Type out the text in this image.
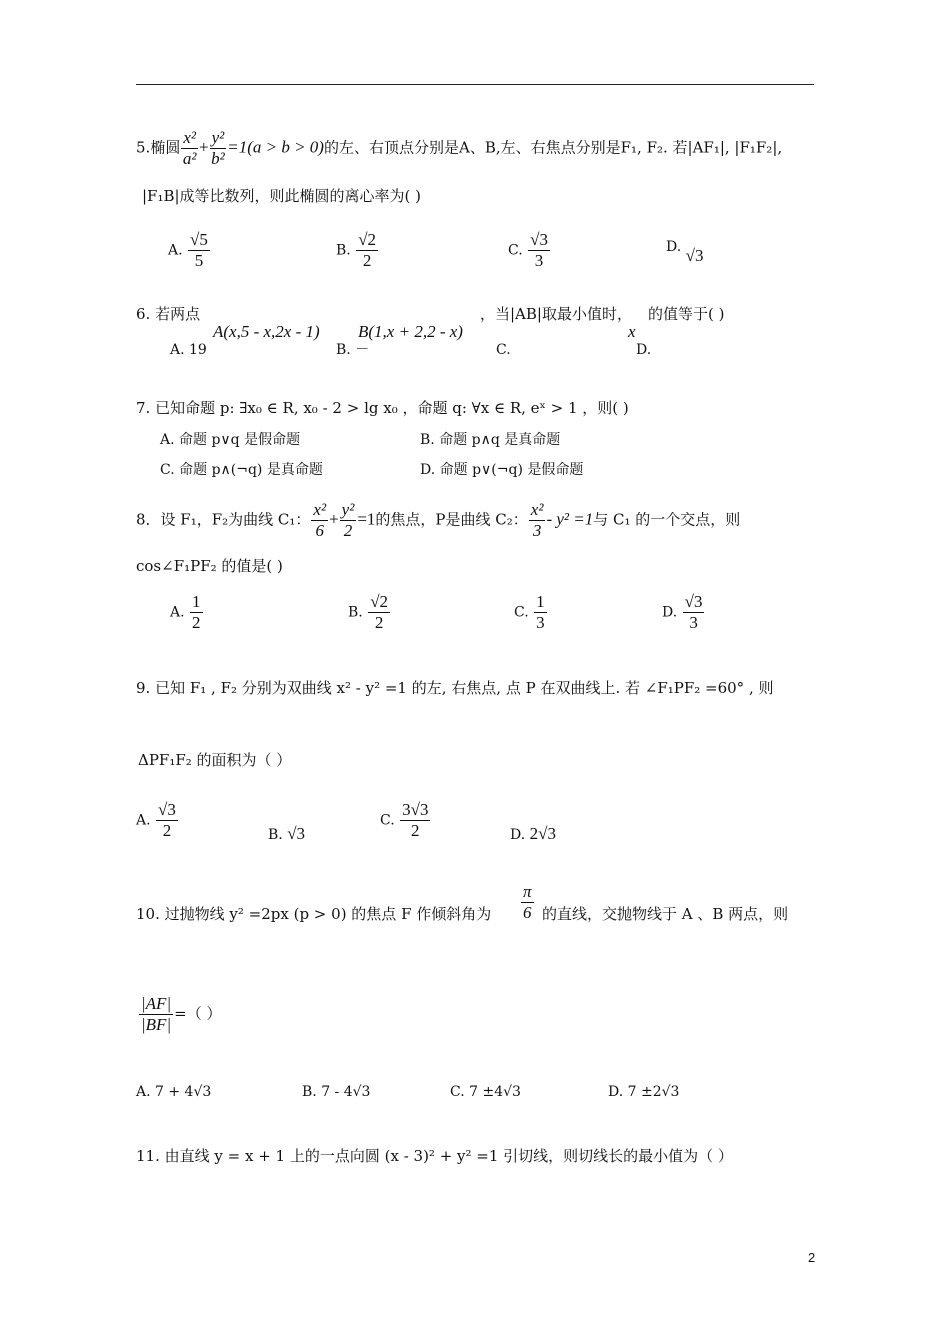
5.椭圆 $\frac{\text{x²}}{\text{a²}} + \frac{\text{y²}}{\text{b²}} =1(a > b > 0)$的左、右顶点分别是A、B,左、右焦点分别是F₁, F₂. 若|AF₁|, |F₁F₂|,
|F₁B|成等比数列，则此椭圆的离心率为( )
A. $\frac{√5}{5}$	B. $\frac{√2}{2}$	C. $\frac{√3}{3}$	D. √3
6. 若两点
A(x,5 - x,2x - 1) B(1,x + 2,2 - x)
，当|AB|取最小值时，
x
的值等于( )
A. 19	B. －	C.	D.
7. 已知命题 p: ∃x₀ ∈ R, x₀ - 2 > lg x₀ ，命题 q: ∀x ∈ R, eˣ > 1 ，则( )
A. 命题 p∨q 是假命题	B. 命题 p∧q 是真命题
C. 命题 p∧(¬q) 是真命题	D. 命题 p∨(¬q) 是假命题
8．设 F₁，F₂为曲线 C₁： $\frac{\text{x²}}{6} + \frac{\text{y²}}{2} =1$的焦点，P是曲线 C₂： $\frac{\text{x²}}{3} - y^2 =1$与 C₁ 的一个交点，则
cos∠F₁PF₂ 的值是( )
A. $\frac{1}{2}$	B. $\frac{√2}{2}$	C. $\frac{1}{3}$	D. $\frac{√3}{3}$
9. 已知 F₁ , F₂ 分别为双曲线 x² - y² =1 的左, 右焦点, 点 P 在双曲线上. 若 ∠F₁PF₂ =60° , 则
ΔPF₁F₂ 的面积为（ ）
A. $\frac{√3}{2}$	B. √3
C. $\frac{3√3}{2}$	D. 2√3
10. 过抛物线 y² =2px (p > 0) 的焦点 F 作倾斜角为 $\frac{\pi}{6}$ 的直线，交抛物线于 A 、B 两点，则
$\frac{|AF|}{|BF|}$ =（ ）
A. 7 + 4√3	B. 7 - 4√3	C. 7 ±4√3	D. 7 ±2√3
11. 由直线 y = x + 1 上的一点向圆 (x - 3)² + y² =1 引切线，则切线长的最小值为（ ）
2
